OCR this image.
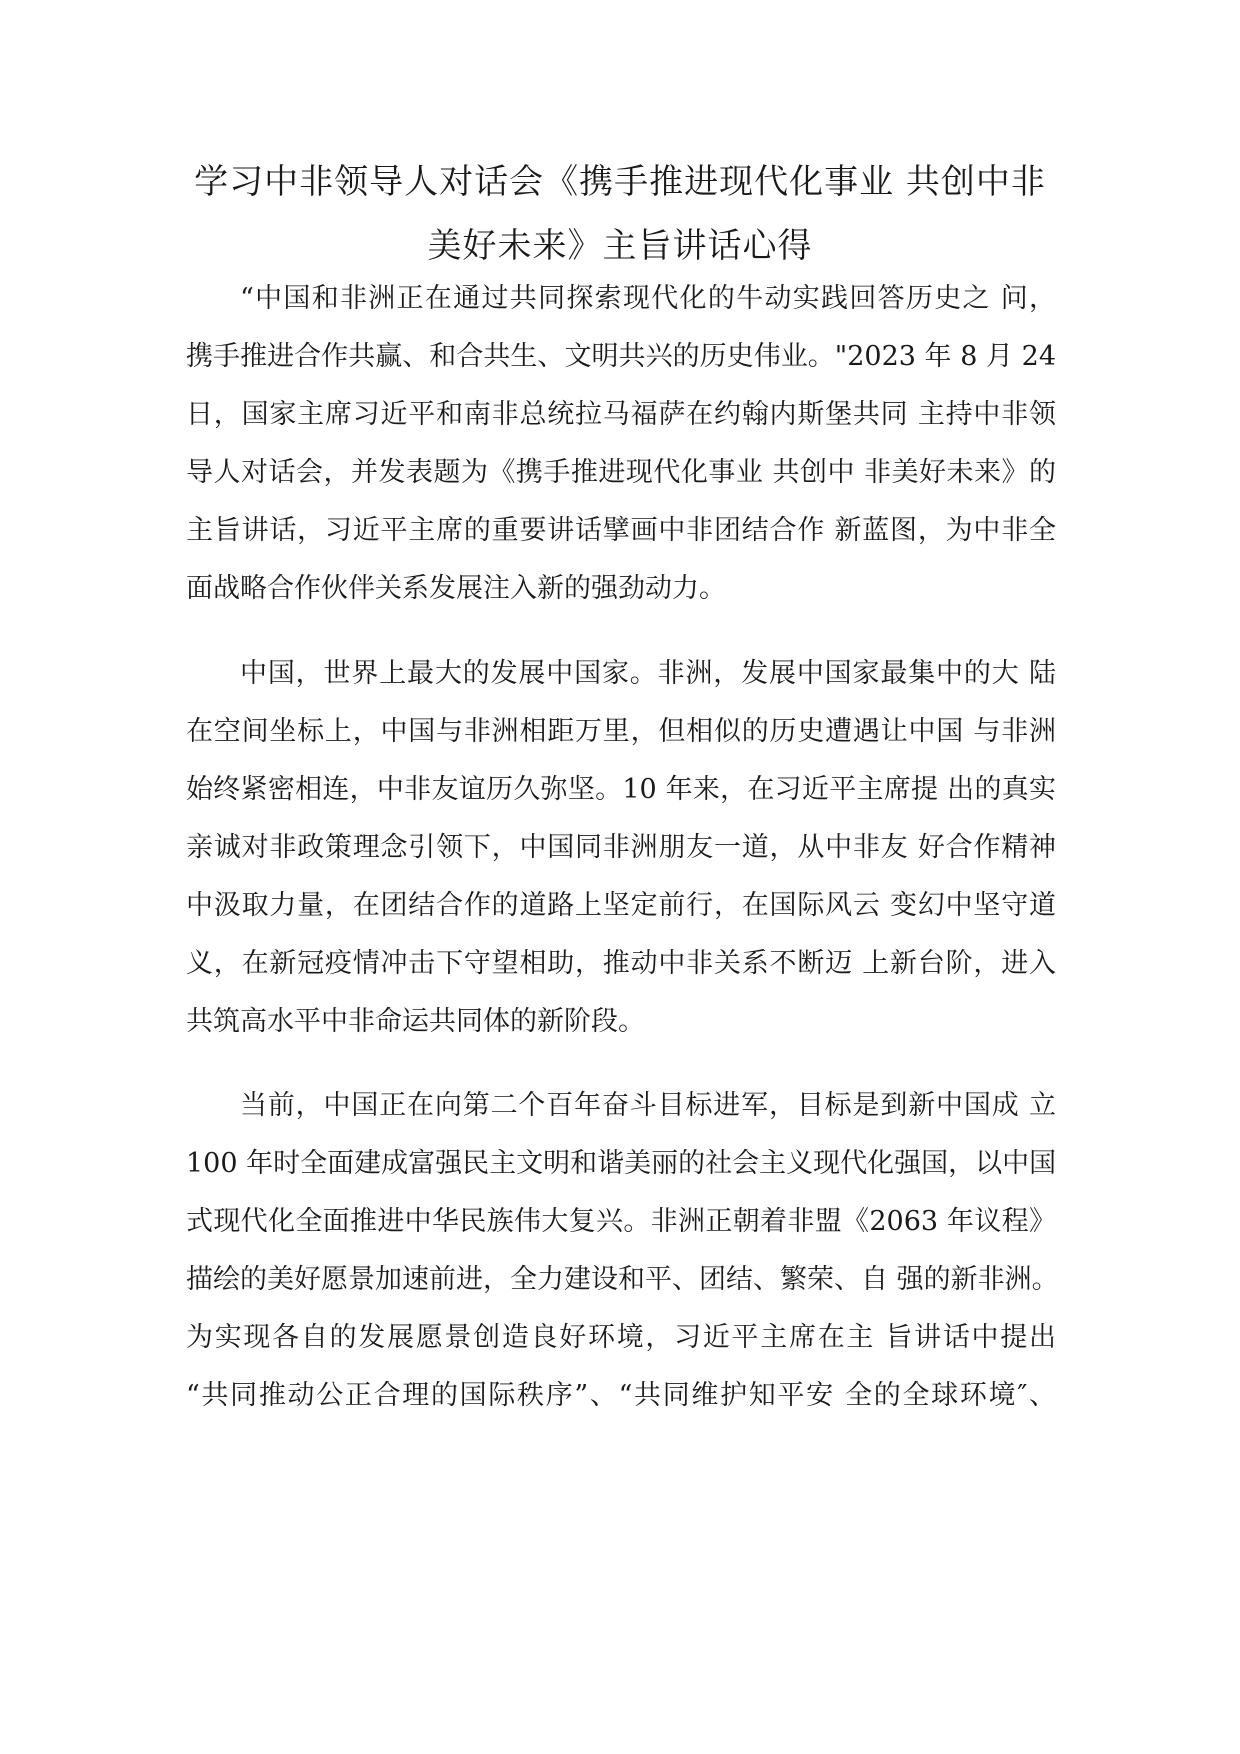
学习中非领导人对话会《携手推进现代化事业 共创中非
美好未来》主旨讲话心得
“中国和非洲正在通过共同探索现代化的牛动实践回答历史之 问，
携手推进合作共赢、和合共生、文明共兴的历史伟业。"2023 年 8 月 24
日，国家主席习近平和南非总统拉马福萨在约翰内斯堡共同 主持中非领
导人对话会，并发表题为《携手推进现代化事业 共创中 非美好未来》的
主旨讲话，习近平主席的重要讲话擘画中非团结合作 新蓝图，为中非全
面战略合作伙伴关系发展注入新的强劲动力。
中国，世界上最大的发展中国家。非洲，发展中国家最集中的大 陆
在空间坐标上，中国与非洲相距万里，但相似的历史遭遇让中国 与非洲
始终紧密相连，中非友谊历久弥坚。10 年来，在习近平主席提 出的真实
亲诚对非政策理念引领下，中国同非洲朋友一道，从中非友 好合作精神
中汲取力量，在团结合作的道路上坚定前行，在国际风云 变幻中坚守道
义，在新冠疫情冲击下守望相助，推动中非关系不断迈 上新台阶，进入
共筑高水平中非命运共同体的新阶段。
当前，中国正在向第二个百年奋斗目标进军，目标是到新中国成 立
100 年时全面建成富强民主文明和谐美丽的社会主义现代化强国，以中国
式现代化全面推进中华民族伟大复兴。非洲正朝着非盟《2063 年议程》
描绘的美好愿景加速前进，全力建设和平、团结、繁荣、自 强的新非洲。
为实现各自的发展愿景创造良好环境，习近平主席在主 旨讲话中提出
“共同推动公正合理的国际秩序”、“共同维护知平安 全的全球环境″、
